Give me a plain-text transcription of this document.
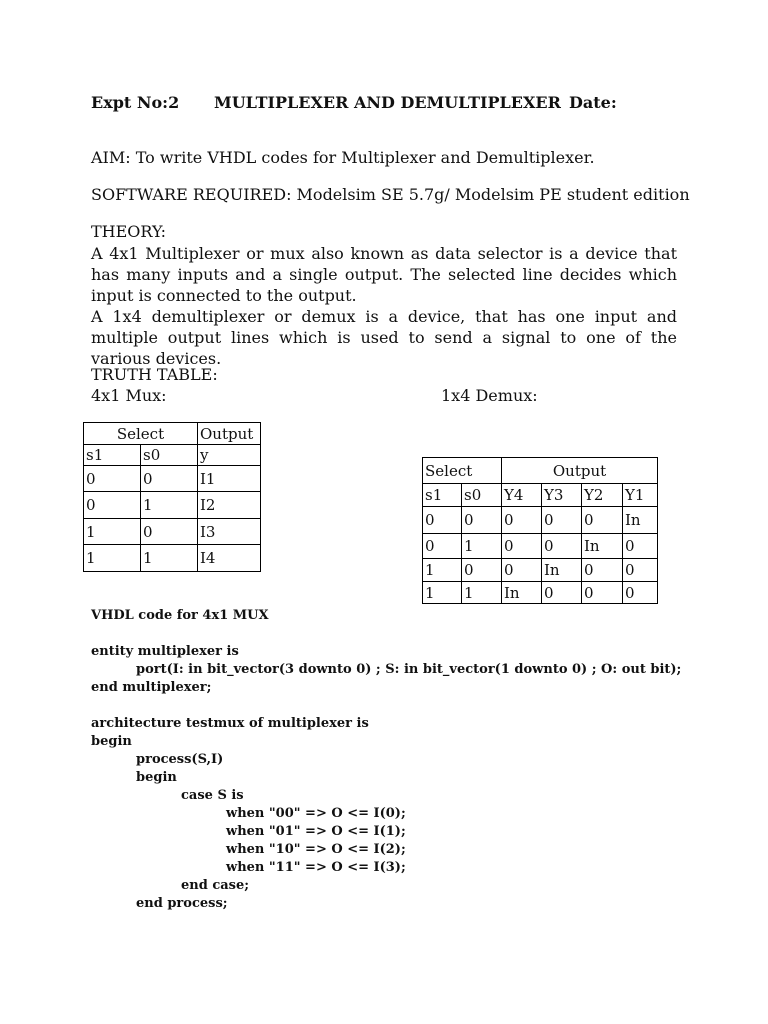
Expt No:2 MULTIPLEXER AND DEMULTIPLEXER Date:
AIM: To write VHDL codes for Multiplexer and Demultiplexer.
SOFTWARE REQUIRED: Modelsim SE 5.7g/ Modelsim PE student edition
THEORY:
A 4x1 Multiplexer or mux also known as data selector is a device that has many inputs and a single output. The selected line decides which input is connected to the output.
A 1x4 demultiplexer or demux is a device, that has one input and multiple output lines which is used to send a signal to one of the various devices.
TRUTH TABLE:
4x1 Mux:	1x4 Demux:
Select		Output
s1	s0	y
0	0	I1
0	1	I2
1	0	I3
1	1	I4
Select		Output			
s1	s0	Y4	Y3	Y2	Y1
0	0	0	0	0	In
0	1	0	0	In	0
1	0	0	In	0	0
1	1	In	0	0	0
VHDL code for 4x1 MUX
entity multiplexer is
port(I: in bit_vector(3 downto 0) ; S: in bit_vector(1 downto 0) ; O: out bit);
end multiplexer;
architecture testmux of multiplexer is
begin
process(S,I)
begin
case S is
when "00" => O <= I(0);
when "01" => O <= I(1);
when "10" => O <= I(2);
when "11" => O <= I(3);
end case;
end process;
